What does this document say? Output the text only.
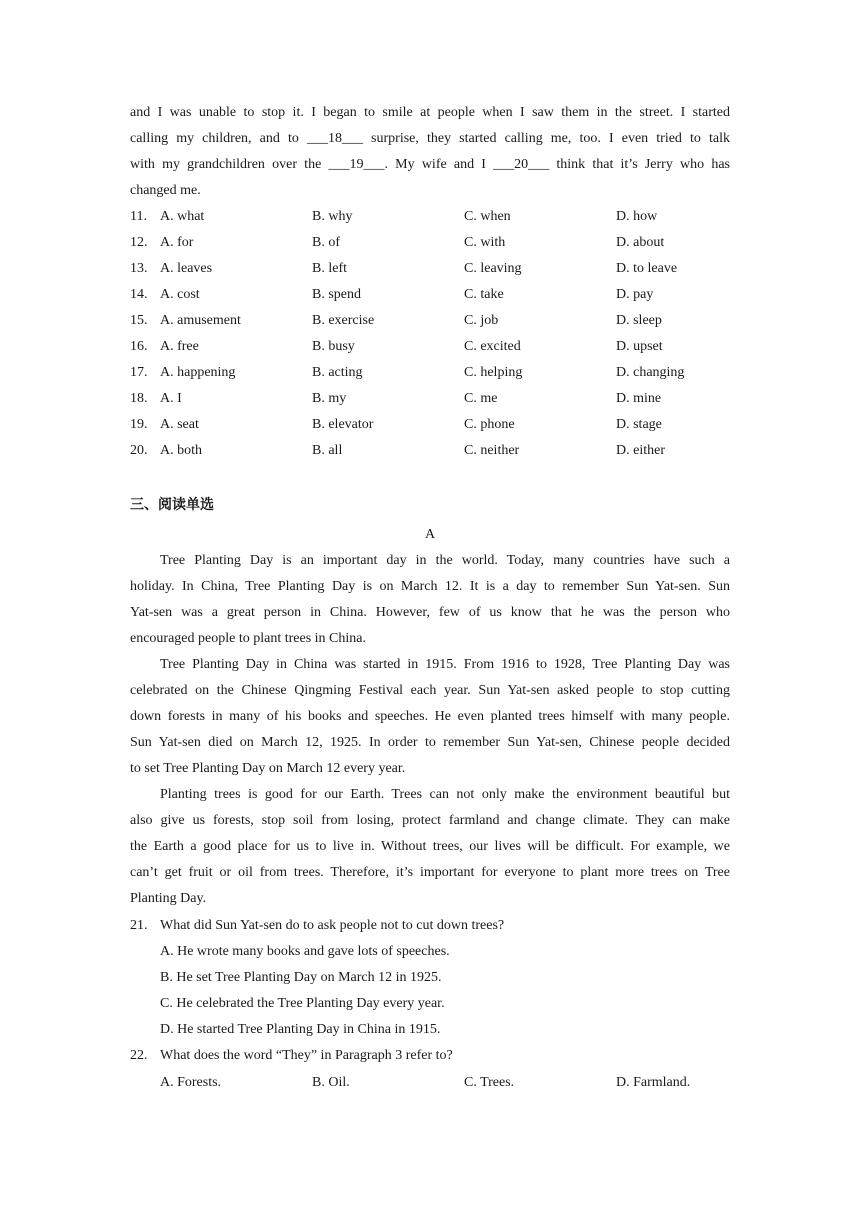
and I was unable to stop it. I began to smile at people when I saw them in the street. I started
calling my children, and to ___18___ surprise, they started calling me, too. I even tried to talk
with my grandchildren over the ___19___. My wife and I ___20___ think that it’s Jerry who has
changed me.
11. A. what	B. why	C. when	D. how
12. A. for	B. of	C. with	D. about
13. A. leaves	B. left	C. leaving	D. to leave
14. A. cost	B. spend	C. take	D. pay
15. A. amusement	B. exercise	C. job	D. sleep
16. A. free	B. busy	C. excited	D. upset
17. A. happening	B. acting	C. helping	D. changing
18. A. I	B. my	C. me	D. mine
19. A. seat	B. elevator	C. phone	D. stage
20. A. both	B. all	C. neither	D. either
三、阅读单选
A
Tree Planting Day is an important day in the world. Today, many countries have such a
holiday. In China, Tree Planting Day is on March 12. It is a day to remember Sun Yat-sen. Sun
Yat-sen was a great person in China. However, few of us know that he was the person who
encouraged people to plant trees in China.
Tree Planting Day in China was started in 1915. From 1916 to 1928, Tree Planting Day was
celebrated on the Chinese Qingming Festival each year. Sun Yat-sen asked people to stop cutting
down forests in many of his books and speeches. He even planted trees himself with many people.
Sun Yat-sen died on March 12, 1925. In order to remember Sun Yat-sen, Chinese people decided
to set Tree Planting Day on March 12 every year.
Planting trees is good for our Earth. Trees can not only make the environment beautiful but
also give us forests, stop soil from losing, protect farmland and change climate. They can make
the Earth a good place for us to live in. Without trees, our lives will be difficult. For example, we
can’t get fruit or oil from trees. Therefore, it’s important for everyone to plant more trees on Tree
Planting Day.
21. What did Sun Yat-sen do to ask people not to cut down trees?
A. He wrote many books and gave lots of speeches.
B. He set Tree Planting Day on March 12 in 1925.
C. He celebrated the Tree Planting Day every year.
D. He started Tree Planting Day in China in 1915.
22. What does the word “They” in Paragraph 3 refer to?
A. Forests.	B. Oil.	C. Trees.	D. Farmland.
